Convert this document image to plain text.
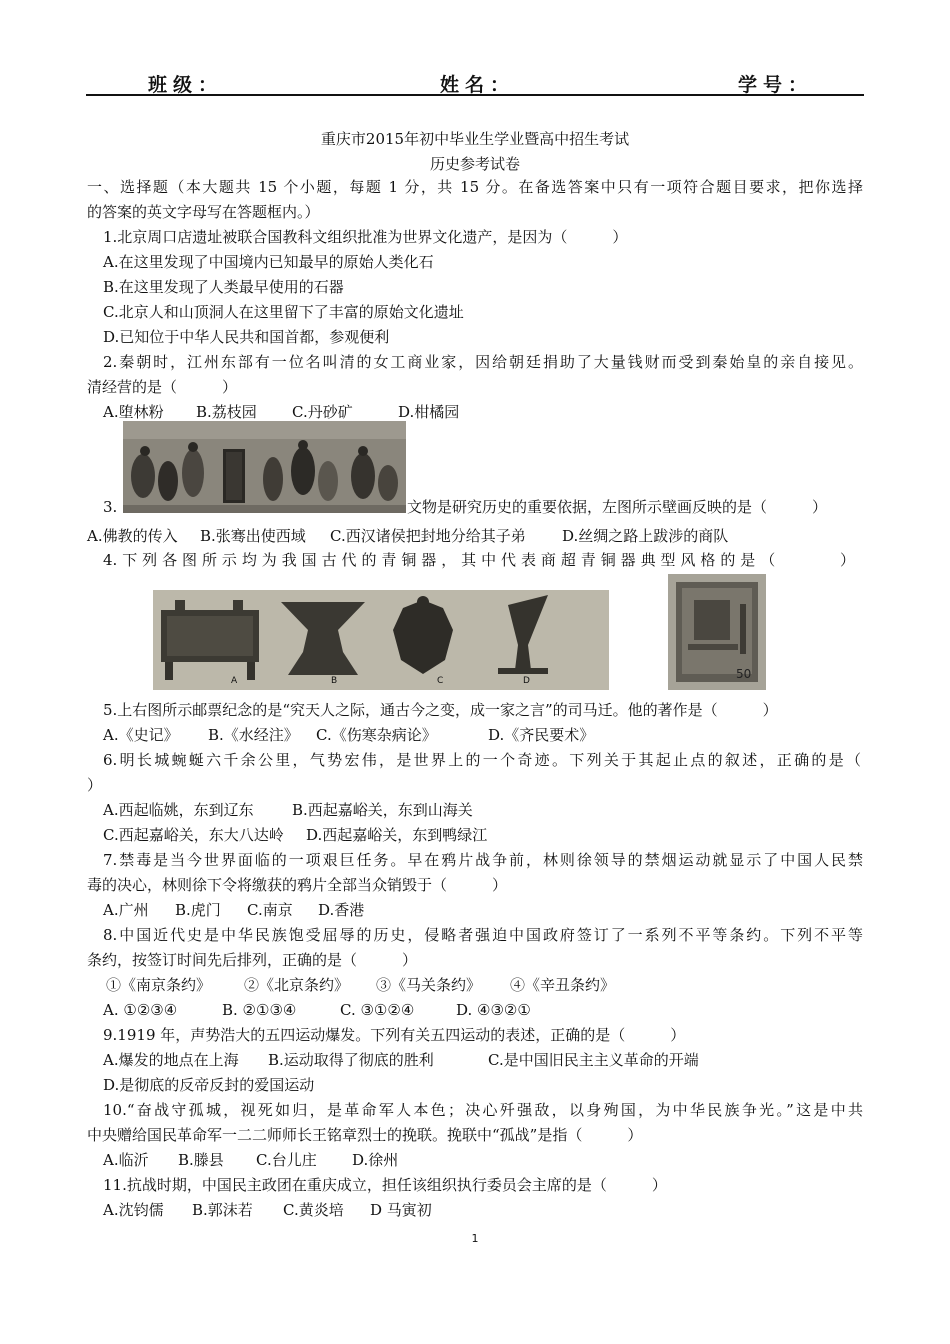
班级：	姓名：	学号：
重庆市2015年初中毕业生学业暨高中招生考试
历史参考试卷
一、选择题（本大题共 15 个小题，每题 1 分，共 15 分。在备选答案中只有一项符合题目要求，把你选择
的答案的英文字母写在答题框内。）
1.北京周口店遗址被联合国教科文组织批准为世界文化遗产，是因为（　　　）
A.在这里发现了中国境内已知最早的原始人类化石
B.在这里发现了人类最早使用的石器
C.北京人和山顶洞人在这里留下了丰富的原始文化遗址
D.已知位于中华人民共和国首都，参观便利
2.秦朝时，江州东部有一位名叫清的女工商业家，因给朝廷捐助了大量钱财而受到秦始皇的亲自接见。
清经营的是（　　　）
A.堕林粉 B.荔枝园 C.丹砂矿	D.柑橘园
3.	文物是研究历史的重要依据，左图所示壁画反映的是（　　　）
A.佛教的传入 B.张骞出使西域 C.西汉诸侯把封地分给其子弟 D.丝绸之路上跋涉的商队
4.下列各图所示均为我国古代的青铜器，其中代表商超青铜器典型风格的是（　　　）
A	B	C	D	50
5.上右图所示邮票纪念的是“究天人之际，通古今之变，成一家之言”的司马迁。他的著作是（　　　）
A.《史记》 B.《水经注》 C.《伤寒杂病论》	D.《齐民要术》
6.明长城蜿蜒六千余公里，气势宏伟，是世界上的一个奇迹。下列关于其起止点的叙述，正确的是（
）
A.西起临姚，东到辽东	B.西起嘉峪关，东到山海关
C.西起嘉峪关，东大八达岭 D.西起嘉峪关，东到鸭绿江
7.禁毒是当今世界面临的一项艰巨任务。早在鸦片战争前，林则徐领导的禁烟运动就显示了中国人民禁
毒的决心，林则徐下令将缴获的鸦片全部当众销毁于（　　　）
A.广州 B.虎门 C.南京 D.香港
8.中国近代史是中华民族饱受屈辱的历史，侵略者强迫中国政府签订了一系列不平等条约。下列不平等
条约，按签订时间先后排列，正确的是（　　　）
①《南京条约》 ②《北京条约》 ③《马关条约》 ④《辛丑条约》
A. ①②③④	B. ②①③④	C. ③①②④	D. ④③②①
9.1919 年，声势浩大的五四运动爆发。下列有关五四运动的表述，正确的是（　　　）
A.爆发的地点在上海 B.运动取得了彻底的胜利	C.是中国旧民主主义革命的开端
D.是彻底的反帝反封的爱国运动
10.“奋战守孤城，视死如归，是革命军人本色；决心歼强敌，以身殉国，为中华民族争光。”这是中共
中央赠给国民革命军一二二师师长王铭章烈士的挽联。挽联中“孤战”是指（　　　）
A.临沂 B.滕县 C.台儿庄 D.徐州
11.抗战时期，中国民主政团在重庆成立，担任该组织执行委员会主席的是（　　　）
A.沈钧儒 B.郭沫若 C.黄炎培 D 马寅初
1
